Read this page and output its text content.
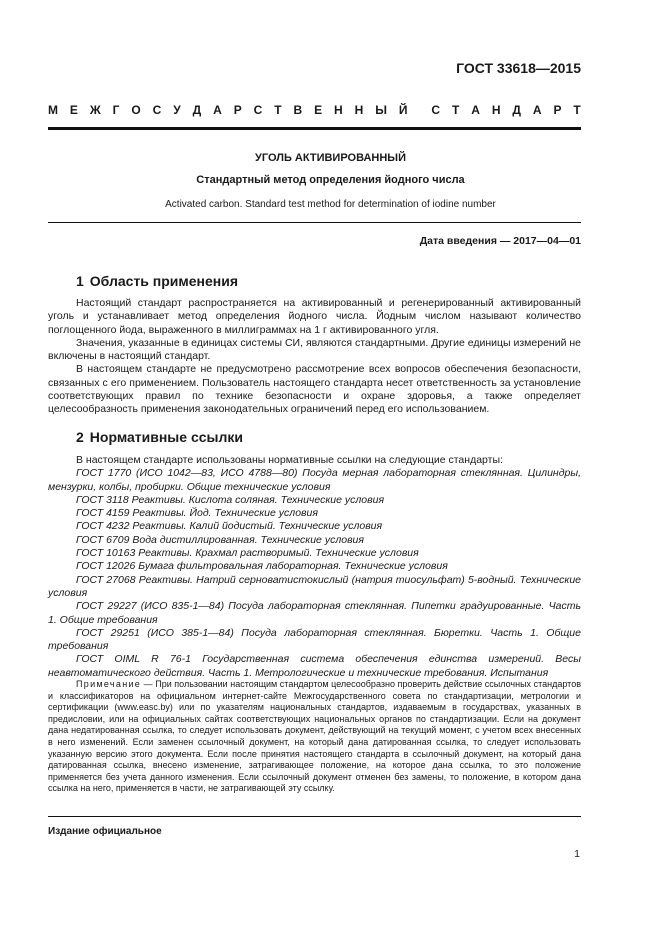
ГОСТ 33618—2015
М Е Ж Г О С У Д А Р С Т В Е Н Н Ы Й С Т А Н Д А Р Т
УГОЛЬ АКТИВИРОВАННЫЙ
Стандартный метод определения йодного числа
Activated carbon. Standard test method for determination of iodine number
Дата введения — 2017—04—01
1 Область применения

Настоящий стандарт распространяется на активированный и регенерированный активированный уголь и устанавливает метод определения йодного числа. Йодным числом называют количество поглощенного йода, выраженного в миллиграммах на 1 г активированного угля.

Значения, указанные в единицах системы СИ, являются стандартными. Другие единицы измерений не включены в настоящий стандарт.

В настоящем стандарте не предусмотрено рассмотрение всех вопросов обеспечения безопасности, связанных с его применением. Пользователь настоящего стандарта несет ответственность за установление соответствующих правил по технике безопасности и охране здоровья, а также определяет целесообразность применения законодательных ограничений перед его использованием.

2 Нормативные ссылки

В настоящем стандарте использованы нормативные ссылки на следующие стандарты:

ГОСТ 1770 (ИСО 1042—83, ИСО 4788—80) Посуда мерная лабораторная стеклянная. Цилиндры, мензурки, колбы, пробирки. Общие технические условия

ГОСТ 3118 Реактивы. Кислота соляная. Технические условия

ГОСТ 4159 Реактивы. Йод. Технические условия

ГОСТ 4232 Реактивы. Калий йодистый. Технические условия

ГОСТ 6709 Вода дистиллированная. Технические условия

ГОСТ 10163 Реактивы. Крахмал растворимый. Технические условия

ГОСТ 12026 Бумага фильтровальная лабораторная. Технические условия

ГОСТ 27068 Реактивы. Натрий серноватистокислый (натрия тиосульфат) 5-водный. Технические условия

ГОСТ 29227 (ИСО 835-1—84) Посуда лабораторная стеклянная. Пипетки градуированные. Часть 1. Общие требования

ГОСТ 29251 (ИСО 385-1—84) Посуда лабораторная стеклянная. Бюретки. Часть 1. Общие требования

ГОСТ OIML R 76-1 Государственная система обеспечения единства измерений. Весы неавтоматического действия. Часть 1. Метрологические и технические требования. Испытания

Примечание — При пользовании настоящим стандартом целесообразно проверить действие ссылочных стандартов и классификаторов на официальном интернет-сайте Межгосударственного совета по стандартизации, метрологии и сертификации (www.easc.by) или по указателям национальных стандартов, издаваемым в государствах, указанных в предисловии, или на официальных сайтах соответствующих национальных органов по стандартизации. Если на документ дана недатированная ссылка, то следует использовать документ, действующий на текущий момент, с учетом всех внесенных в него изменений. Если заменен ссылочный документ, на который дана датированная ссылка, то следует использовать указанную версию этого документа. Если после принятия настоящего стандарта в ссылочный документ, на который дана датированная ссылка, внесено изменение, затрагивающее положение, на которое дана ссылка, то это положение применяется без учета данного изменения. Если ссылочный документ отменен без замены, то положение, в котором дана ссылка на него, применяется в части, не затрагивающей эту ссылку.

Издание официальное
1
